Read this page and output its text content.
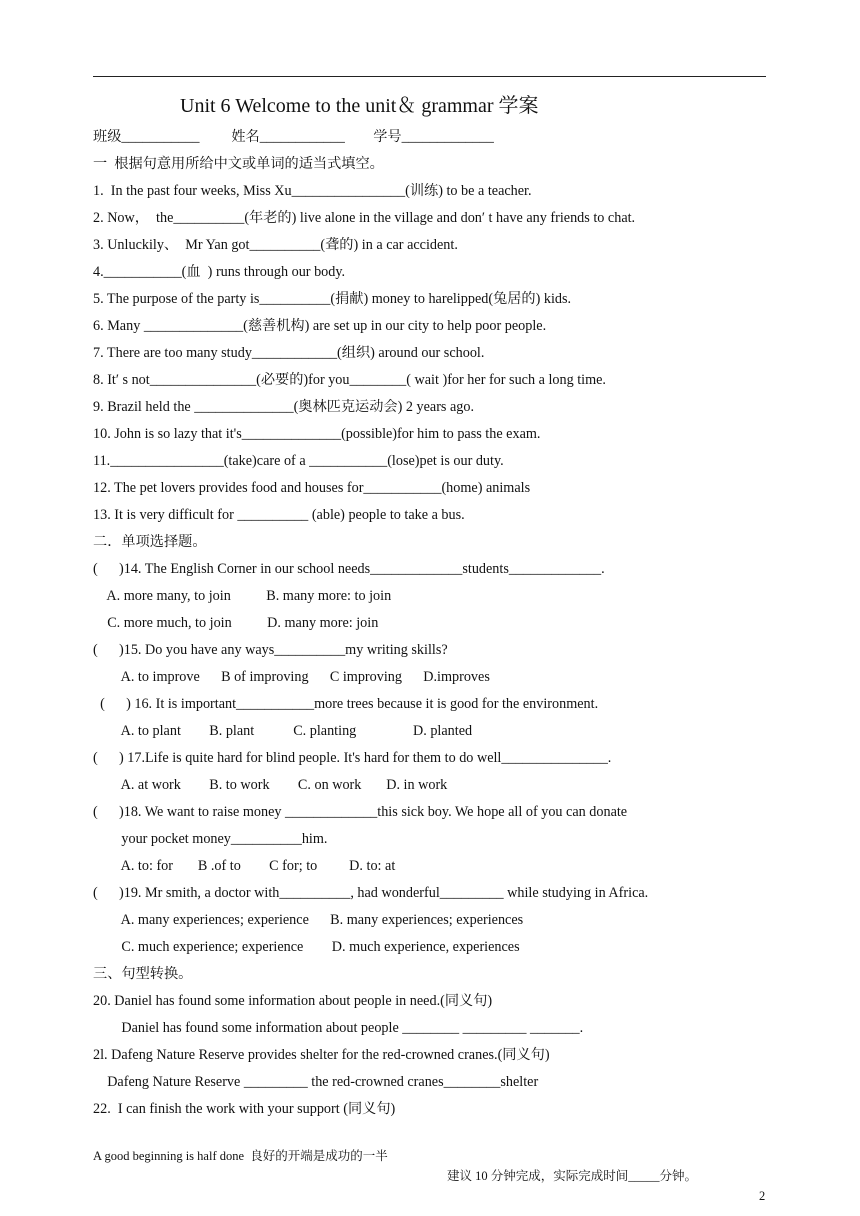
Unit 6 Welcome to the unit＆ grammar 学案
班级___________         姓名____________        学号_____________
一  根据句意用所给中文或单词的适当式填空。
1.  In the past four weeks, Miss Xu________________(训练) to be a teacher.
2. Now，  the__________(年老的) live alone in the village and don′ t have any friends to chat.
3. Unluckily、  Mr Yan got__________(聋的) in a car accident.
4.___________(血  ) runs through our body.
5. The purpose of the party is__________(捐献) money to harelipped(兔居的) kids.
6. Many ______________(慈善机构) are set up in our city to help poor people.
7. There are too many study____________(组织) around our school.
8. It′ s not_______________(必要的)for you________( wait )for her for such a long time.
9. Brazil held the ______________(奥林匹克运动会) 2 years ago.
10. John is so lazy that it's______________(possible)for him to pass the exam.
11.________________(take)care of a ___________(lose)pet is our duty.
12. The pet lovers provides food and houses for___________(home) animals
13. It is very difficult for __________ (able) people to take a bus.
二．单项选择题。
(      )14. The English Corner in our school needs_____________students_____________.
A. more many, to join          B. many more: to join
C. more much, to join          D. many more: join
(      )15. Do you have any ways__________my writing skills?
A. to improve      B of improving      C improving      D.improves
(      ) 16. It is important___________more trees because it is good for the environment.
A. to plant        B. plant           C. planting                D. planted
(      ) 17.Life is quite hard for blind people. It's hard for them to do well_______________.
A. at work        B. to work        C. on work       D. in work
(      )18. We want to raise money _____________this sick boy. We hope all of you can donate
your pocket money__________him.
A. to: for       B .of to        C for; to         D. to: at
(      )19. Mr smith, a doctor with__________, had wonderful_________ while studying in Africa.
A. many experiences; experience      B. many experiences; experiences
C. much experience; experience        D. much experience, experiences
三、句型转换。
20. Daniel has found some information about people in need.(同义句)
Daniel has found some information about people ________ _________ _______.
2l. Dafeng Nature Reserve provides shelter for the red-crowned cranes.(同义句)
Dafeng Nature Reserve _________ the red-crowned cranes________shelter
22.  I can finish the work with your support (同义句)

A good beginning is half done  良好的开端是成功的一半

建议 10 分钟完成，实际完成时间_____分钟。

2
